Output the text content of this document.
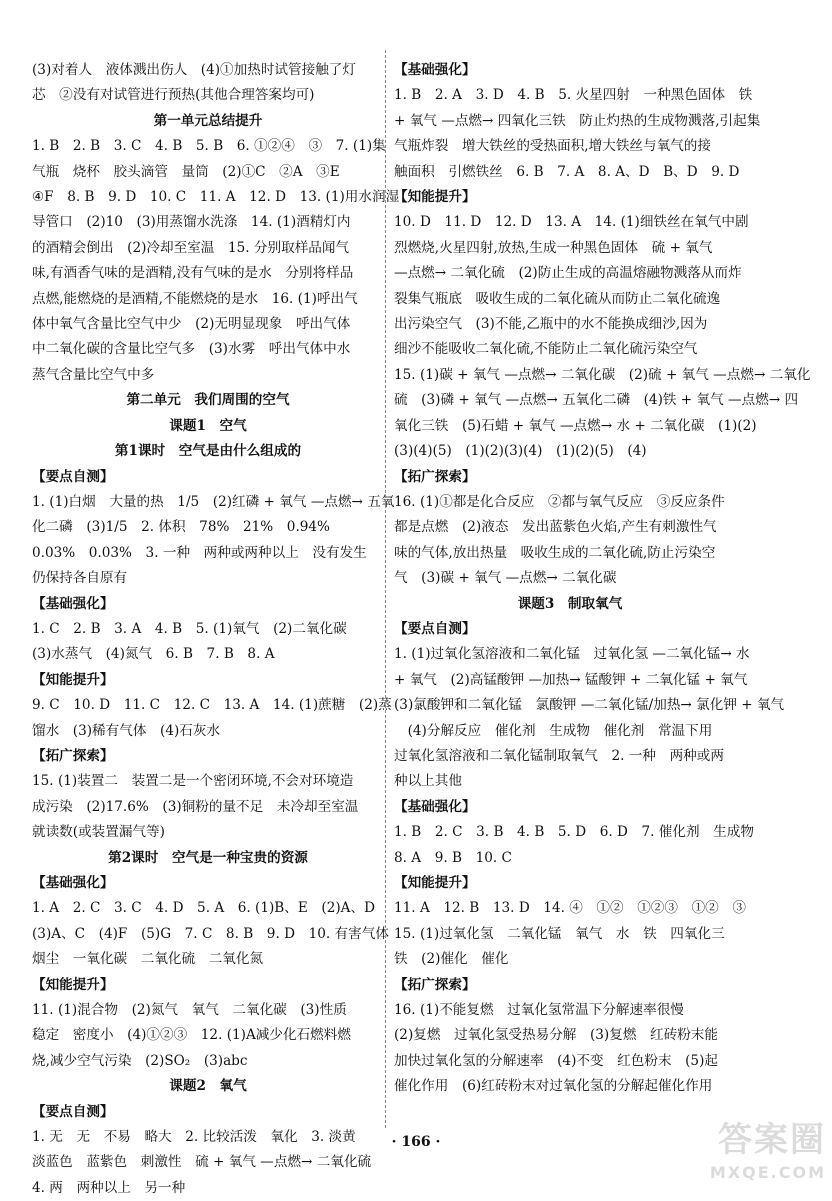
(3)对着人　液体溅出伤人　(4)①加热时试管接触了灯
芯　②没有对试管进行预热(其他合理答案均可)
第一单元总结提升
1. B　2. B　3. C　4. B　5. B　6. ①②④　③　7. (1)集
气瓶　烧杯　胶头滴管　量筒　(2)①C　②A　③E
④F　8. B　9. D　10. C　11. A　12. D　13. (1)用水润湿
导管口　(2)10　(3)用蒸馏水洗涤　14. (1)酒精灯内
的酒精会倒出　(2)冷却至室温　15. 分别取样品闻气
味,有酒香气味的是酒精,没有气味的是水　分别将样品
点燃,能燃烧的是酒精,不能燃烧的是水　16. (1)呼出气
体中氧气含量比空气中少　(2)无明显现象　呼出气体
中二氧化碳的含量比空气多　(3)水雾　呼出气体中水
蒸气含量比空气中多
第二单元　我们周围的空气
课题1　空气
第1课时　空气是由什么组成的
【要点自测】
1. (1)白烟　大量的热　1/5　(2)红磷 + 氧气 —点燃→ 五氧
化二磷　(3)1/5　2. 体积　78%　21%　0.94%
0.03%　0.03%　3. 一种　两种或两种以上　没有发生
仍保持各自原有
【基础强化】
1. C　2. B　3. A　4. B　5. (1)氧气　(2)二氧化碳
(3)水蒸气　(4)氮气　6. B　7. B　8. A
【知能提升】
9. C　10. D　11. C　12. C　13. A　14. (1)蔗糖　(2)蒸
馏水　(3)稀有气体　(4)石灰水
【拓广探索】
15. (1)装置二　装置二是一个密闭环境,不会对环境造
成污染　(2)17.6%　(3)铜粉的量不足　未冷却至室温
就读数(或装置漏气等)
第2课时　空气是一种宝贵的资源
【基础强化】
1. A　2. C　3. C　4. D　5. A　6. (1)B、E　(2)A、D
(3)A、C　(4)F　(5)G　7. C　8. B　9. D　10. 有害气体
烟尘　一氧化碳　二氧化硫　二氧化氮
【知能提升】
11. (1)混合物　(2)氮气　氧气　二氧化碳　(3)性质
稳定　密度小　(4)①②③　12. (1)A减少化石燃料燃
烧,减少空气污染　(2)SO₂　(3)abc
课题2　氧气
【要点自测】
1. 无　无　不易　略大　2. 比较活泼　氧化　3. 淡黄
淡蓝色　蓝紫色　刺激性　硫 + 氧气 —点燃→ 二氧化硫
4. 两　两种以上　另一种
【基础强化】
1. B　2. A　3. D　4. B　5. 火星四射　一种黑色固体　铁
+ 氧气 —点燃→ 四氧化三铁　防止灼热的生成物溅落,引起集
气瓶炸裂　增大铁丝的受热面积,增大铁丝与氧气的接
触面积　引燃铁丝　6. B　7. A　8. A、D　B、D　9. D
【知能提升】
10. D　11. D　12. D　13. A　14. (1)细铁丝在氧气中剧
烈燃烧,火星四射,放热,生成一种黑色固体　硫 + 氧气
—点燃→ 二氧化硫　(2)防止生成的高温熔融物溅落从而炸
裂集气瓶底　吸收生成的二氧化硫从而防止二氧化硫逸
出污染空气　(3)不能,乙瓶中的水不能换成细沙,因为
细沙不能吸收二氧化硫,不能防止二氧化硫污染空气
15. (1)碳 + 氧气 —点燃→ 二氧化碳　(2)硫 + 氧气 —点燃→ 二氧化
硫　(3)磷 + 氧气 —点燃→ 五氧化二磷　(4)铁 + 氧气 —点燃→ 四
氧化三铁　(5)石蜡 + 氧气 —点燃→ 水 + 二氧化碳　(1)(2)
(3)(4)(5)　(1)(2)(3)(4)　(1)(2)(5)　(4)
【拓广探索】
16. (1)①都是化合反应　②都与氧气反应　③反应条件
都是点燃　(2)液态　发出蓝紫色火焰,产生有刺激性气
味的气体,放出热量　吸收生成的二氧化硫,防止污染空
气　(3)碳 + 氧气 —点燃→ 二氧化碳
课题3　制取氧气
【要点自测】
1. (1)过氧化氢溶液和二氧化锰　过氧化氢 —二氧化锰→ 水
+ 氧气　(2)高锰酸钾 —加热→ 锰酸钾 + 二氧化锰 + 氧气
(3)氯酸钾和二氧化锰　氯酸钾 —二氧化锰/加热→ 氯化钾 + 氧气
　(4)分解反应　催化剂　生成物　催化剂　常温下用
过氧化氢溶液和二氧化锰制取氧气　2. 一种　两种或两
种以上其他
【基础强化】
1. B　2. C　3. B　4. B　5. D　6. D　7. 催化剂　生成物
8. A　9. B　10. C
【知能提升】
11. A　12. B　13. D　14. ④　①②　①②③　①②　③
15. (1)过氧化氢　二氧化锰　氧气　水　铁　四氧化三
铁　(2)催化　催化
【拓广探索】
16. (1)不能复燃　过氧化氢常温下分解速率很慢
(2)复燃　过氧化氢受热易分解　(3)复燃　红砖粉末能
加快过氧化氢的分解速率　(4)不变　红色粉末　(5)起
催化作用　(6)红砖粉末对过氧化氢的分解起催化作用
· 166 ·	答案圈
MXQE.COM
